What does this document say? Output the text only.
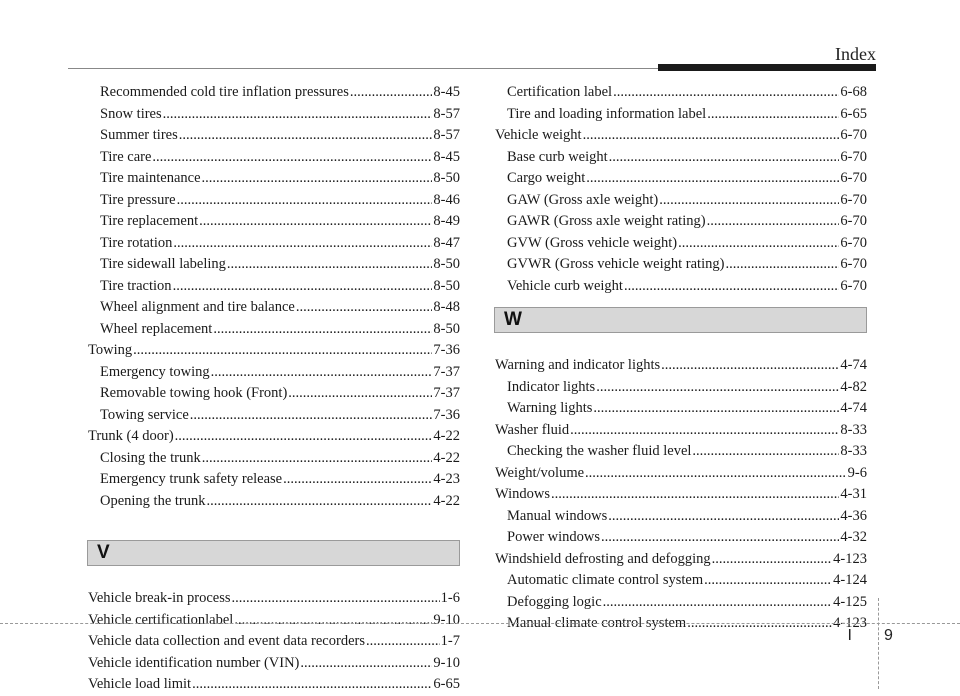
Index
Recommended cold tire inflation pressures .....	8-45
Snow tires .....	8-57
Summer tires .....	8-57
Tire care .....	8-45
Tire maintenance .....	8-50
Tire pressure .....	8-46
Tire replacement .....	8-49
Tire rotation .....	8-47
Tire sidewall labeling .....	8-50
Tire traction .....	8-50
Wheel alignment and tire balance .....	8-48
Wheel replacement .....	8-50
Towing .....	7-36
Emergency towing .....	7-37
Removable towing hook (Front) .....	7-37
Towing service .....	7-36
Trunk (4 door) .....	4-22
Closing the trunk .....	4-22
Emergency trunk safety release .....	4-23
Opening the trunk .....	4-22
V
Vehicle break-in process .....	1-6
Vehicle certificationlabel .....	9-10
Vehicle data collection and event data recorders .....	1-7
Vehicle identification number (VIN) .....	9-10
Vehicle load limit .....	6-65
Certification label .....	6-68
Tire and loading information label .....	6-65
Vehicle weight .....	6-70
Base curb weight .....	6-70
Cargo weight .....	6-70
GAW (Gross axle weight) .....	6-70
GAWR (Gross axle weight rating) .....	6-70
GVW (Gross vehicle weight) .....	6-70
GVWR (Gross vehicle weight rating) .....	6-70
Vehicle curb weight .....	6-70
W
Warning and indicator lights .....	4-74
Indicator lights .....	4-82
Warning lights .....	4-74
Washer fluid .....	8-33
Checking the washer fluid level .....	8-33
Weight/volume .....	9-6
Windows .....	4-31
Manual windows .....	4-36
Power windows .....	4-32
Windshield defrosting and defogging .....	4-123
Automatic climate control system .....	4-124
Defogging logic .....	4-125
Manual climate control system .....	4-123
I 9
